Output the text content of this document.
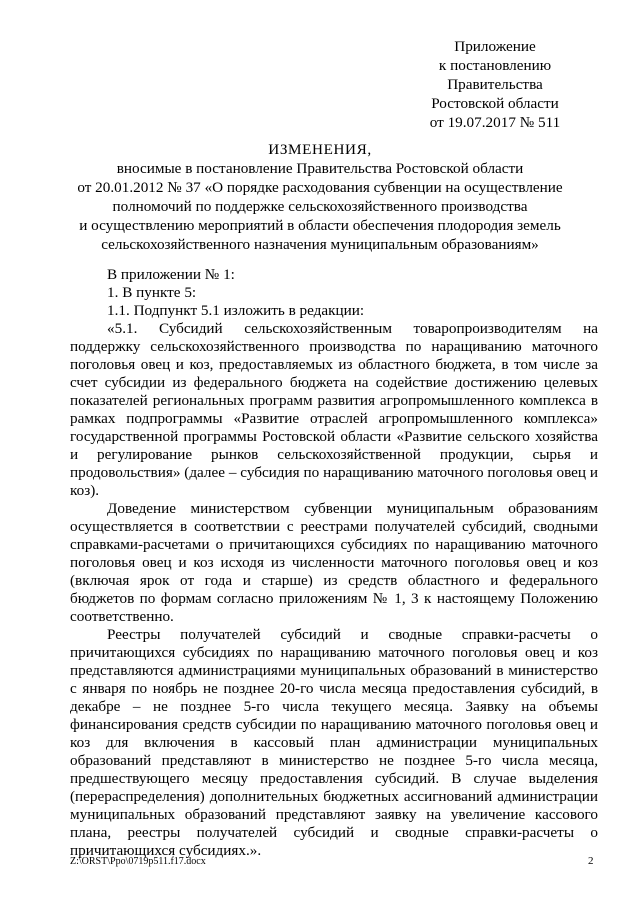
Приложение
к постановлению
Правительства
Ростовской области
от 19.07.2017 № 511
ИЗМЕНЕНИЯ,
вносимые в постановление Правительства Ростовской области
от 20.01.2012 № 37 «О порядке расходования субвенции на осуществление
полномочий по поддержке сельскохозяйственного производства
и осуществлению мероприятий в области обеспечения плодородия земель
сельскохозяйственного назначения муниципальным образованиям»

В приложении № 1:

1. В пункте 5:

1.1. Подпункт 5.1 изложить в редакции:

«5.1. Субсидий сельскохозяйственным товаропроизводителям на поддержку сельскохозяйственного производства по наращиванию маточного поголовья овец и коз, предоставляемых из областного бюджета, в том числе за счет субсидии из федерального бюджета на содействие достижению целевых показателей региональных программ развития агропромышленного комплекса в рамках подпрограммы «Развитие отраслей агропромышленного комплекса» государственной программы Ростовской области «Развитие сельского хозяйства и регулирование рынков сельскохозяйственной продукции, сырья и продовольствия» (далее – субсидия по наращиванию маточного поголовья овец и коз).

Доведение министерством субвенции муниципальным образованиям осуществляется в соответствии с реестрами получателей субсидий, сводными справками-расчетами о причитающихся субсидиях по наращиванию маточного поголовья овец и коз исходя из численности маточного поголовья овец и коз (включая ярок от года и старше) из средств областного и федерального бюджетов по формам согласно приложениям № 1, 3 к настоящему Положению соответственно.

Реестры получателей субсидий и сводные справки-расчеты о причитающихся субсидиях по наращиванию маточного поголовья овец и коз представляются администрациями муниципальных образований в министерство с января по ноябрь не позднее 20-го числа месяца предоставления субсидий, в декабре – не позднее 5-го числа текущего месяца. Заявку на объемы финансирования средств субсидии по наращиванию маточного поголовья овец и коз для включения в кассовый план администрации муниципальных образований представляют в министерство не позднее 5-го числа месяца, предшествующего месяцу предоставления субсидий. В случае выделения (перераспределения) дополнительных бюджетных ассигнований администрации муниципальных образований представляют заявку на увеличение кассового плана, реестры получателей субсидий и сводные справки-расчеты о причитающихся субсидиях.».

Z:\ORST\Ppo\0719p511.f17.docx	2
